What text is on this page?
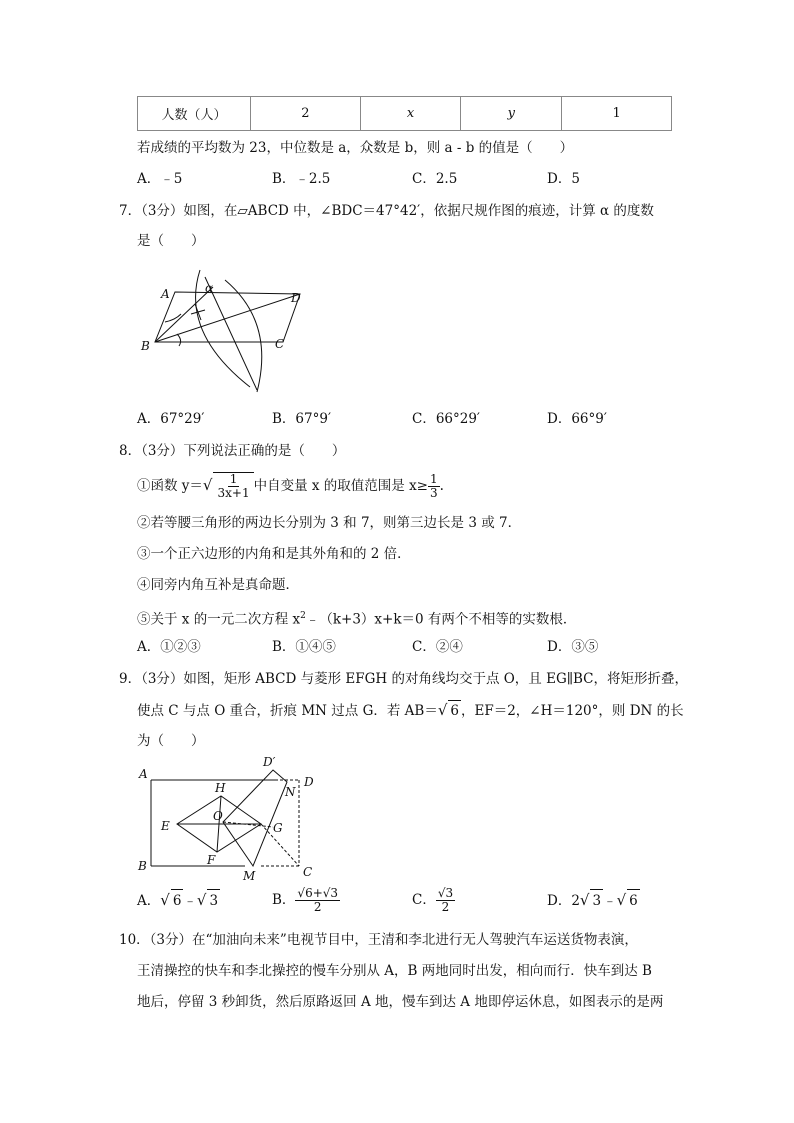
人数（人）	2	x	y	1
若成绩的平均数为 23，中位数是 a，众数是 b，则 a - b 的值是（　　）
A．﹣5	B．﹣2.5	C．2.5	D．5
7．（3分）如图，在▱ABCD 中，∠BDC＝47°42′，依据尺规作图的痕迹，计算 α 的度数
是（　　）
A	α
D
B	C
A．67°29′	B．67°9′	C．66°29′	D．66°9′
8．（3分）下列说法正确的是（　　）
①函数 $y=√ \frac{1}{3x+1}$ 中自变量 x 的取值范围是 $x\ge \frac{1}{3}$ .
②若等腰三角形的两边长分别为 3 和 7，则第三边长是 3 或 7．
③一个正六边形的内角和是其外角和的 2 倍．
④同旁内角互补是真命题．
⑤关于 x 的一元二次方程 $x^2﹣(k+3)x+k=0$ 有两个不相等的实数根．
A．①②③	B．①④⑤	C．②④	D．③⑤
9．（3分）如图，矩形 ABCD 与菱形 EFGH 的对角线均交于点 O，且 EG∥BC，将矩形折叠，
使点 C 与点 O 重合，折痕 MN 过点 G．若 AB＝√ 6 ，EF＝2，∠H＝120°，则 DN 的长
为（　　）
D′
A
D
H	N
O
E	G
F
B
M	C
A．√ 6 ﹣√ 3	B． $\frac{√6+√3}{2}$	C． $\frac{√3}{2}$	D．2√ 3 ﹣√ 6
10．（3分）在“加油向未来”电视节目中，王清和李北进行无人驾驶汽车运送货物表演，
王清操控的快车和李北操控的慢车分别从 A，B 两地同时出发，相向而行．快车到达 B
地后，停留 3 秒卸货，然后原路返回 A 地，慢车到达 A 地即停运休息，如图表示的是两
